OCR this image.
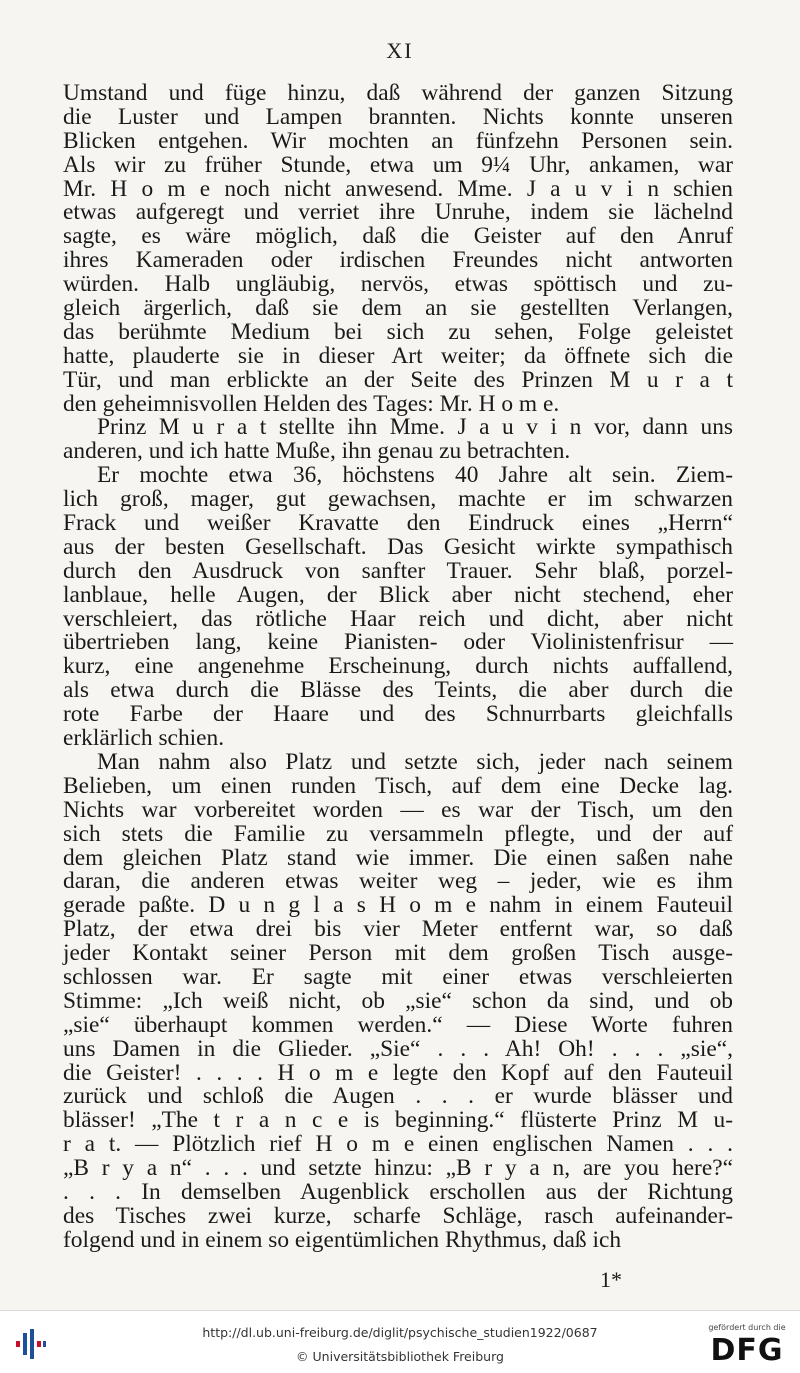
XI
Umstand und füge hinzu, daß während der ganzen Sitzung
die Luster und Lampen brannten. Nichts konnte unseren
Blicken entgehen. Wir mochten an fünfzehn Personen sein.
Als wir zu früher Stunde, etwa um 9¼ Uhr, ankamen, war
Mr. H o m e noch nicht anwesend. Mme. J a u v i n schien
etwas aufgeregt und verriet ihre Unruhe, indem sie lächelnd
sagte, es wäre möglich, daß die Geister auf den Anruf
ihres Kameraden oder irdischen Freundes nicht antworten
würden. Halb ungläubig, nervös, etwas spöttisch und zu-
gleich ärgerlich, daß sie dem an sie gestellten Verlangen,
das berühmte Medium bei sich zu sehen, Folge geleistet
hatte, plauderte sie in dieser Art weiter; da öffnete sich die
Tür, und man erblickte an der Seite des Prinzen M u r a t
den geheimnisvollen Helden des Tages: Mr. H o m e.
Prinz M u r a t stellte ihn Mme. J a u v i n vor, dann uns
anderen, und ich hatte Muße, ihn genau zu betrachten.
Er mochte etwa 36, höchstens 40 Jahre alt sein. Ziem-
lich groß, mager, gut gewachsen, machte er im schwarzen
Frack und weißer Kravatte den Eindruck eines „Herrn“
aus der besten Gesellschaft. Das Gesicht wirkte sympathisch
durch den Ausdruck von sanfter Trauer. Sehr blaß, porzel-
lanblaue, helle Augen, der Blick aber nicht stechend, eher
verschleiert, das rötliche Haar reich und dicht, aber nicht
übertrieben lang, keine Pianisten- oder Violinistenfrisur —
kurz, eine angenehme Erscheinung, durch nichts auffallend,
als etwa durch die Blässe des Teints, die aber durch die
rote Farbe der Haare und des Schnurrbarts gleichfalls
erklärlich schien.
Man nahm also Platz und setzte sich, jeder nach seinem
Belieben, um einen runden Tisch, auf dem eine Decke lag.
Nichts war vorbereitet worden — es war der Tisch, um den
sich stets die Familie zu versammeln pflegte, und der auf
dem gleichen Platz stand wie immer. Die einen saßen nahe
daran, die anderen etwas weiter weg – jeder, wie es ihm
gerade paßte. D u n g l a s H o m e nahm in einem Fauteuil
Platz, der etwa drei bis vier Meter entfernt war, so daß
jeder Kontakt seiner Person mit dem großen Tisch ausge-
schlossen war. Er sagte mit einer etwas verschleierten
Stimme: „Ich weiß nicht, ob „sie“ schon da sind, und ob
„sie“ überhaupt kommen werden.“ — Diese Worte fuhren
uns Damen in die Glieder. „Sie“ . . . Ah! Oh! . . . „sie“,
die Geister! . . . . H o m e legte den Kopf auf den Fauteuil
zurück und schloß die Augen . . . er wurde blässer und
blässer! „The t r a n c e is beginning.“ flüsterte Prinz M u-
r a t. — Plötzlich rief H o m e einen englischen Namen . . .
„B r y a n“ . . . und setzte hinzu: „B r y a n, are you here?“
. . . In demselben Augenblick erschollen aus der Richtung
des Tisches zwei kurze, scharfe Schläge, rasch aufeinander-
folgend und in einem so eigentümlichen Rhythmus, daß ich
1*
http://dl.ub.uni-freiburg.de/diglit/psychische_studien1922/0687
© Universitätsbibliothek Freiburg
gefördert durch die
DFG
